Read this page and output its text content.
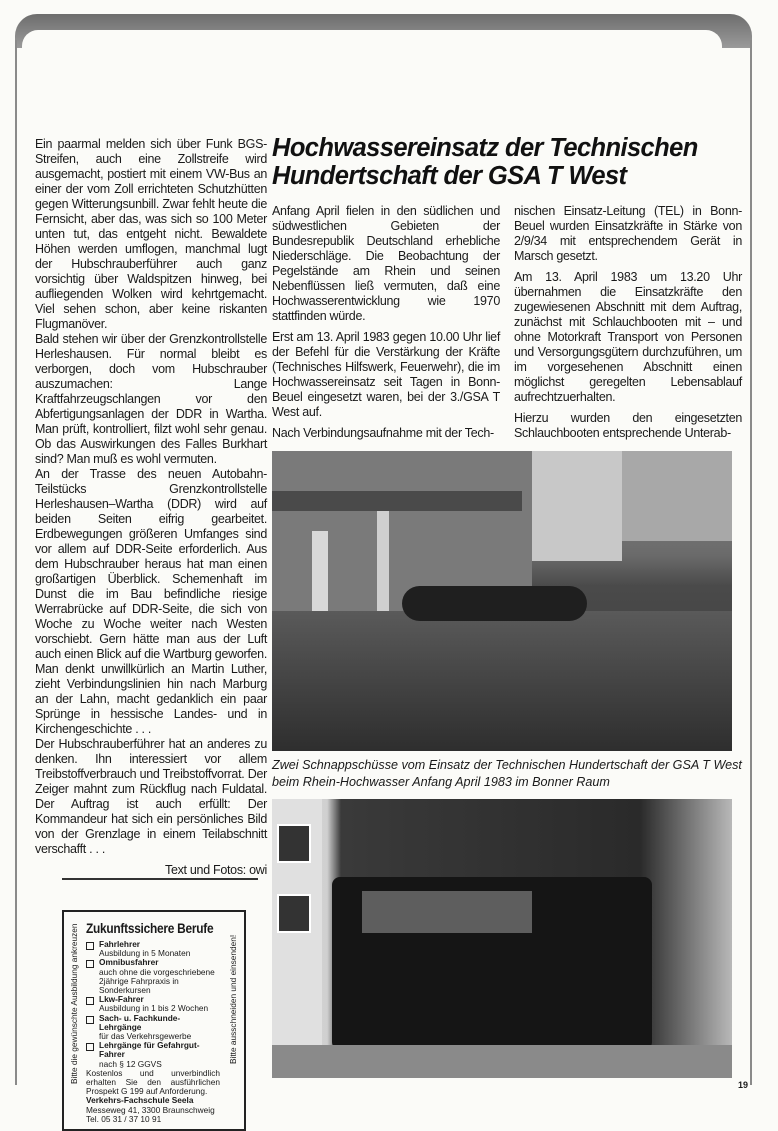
Ein paarmal melden sich über Funk BGS-Streifen, auch eine Zollstreife wird ausgemacht, postiert mit einem VW-Bus an einer der vom Zoll errichteten Schutzhütten gegen Witterungsunbill. Zwar fehlt heute die Fernsicht, aber das, was sich so 100 Meter unten tut, das entgeht nicht. Bewaldete Höhen werden umflogen, manchmal lugt der Hubschrauberführer auch ganz vorsichtig über Waldspitzen hinweg, bei aufliegenden Wolken wird kehrtgemacht. Viel sehen schon, aber keine riskanten Flugmanöver.

Bald stehen wir über der Grenzkontrollstelle Herleshausen. Für normal bleibt es verborgen, doch vom Hubschrauber auszumachen: Lange Kraftfahrzeugschlangen vor den Abfertigungsanlagen der DDR in Wartha. Man prüft, kontrolliert, filzt wohl sehr genau. Ob das Auswirkungen des Falles Burkhart sind? Man muß es wohl vermuten.

An der Trasse des neuen Autobahn-Teilstücks Grenzkontrollstelle Herleshausen–Wartha (DDR) wird auf beiden Seiten eifrig gearbeitet. Erdbewegungen größeren Umfanges sind vor allem auf DDR-Seite erforderlich. Aus dem Hubschrauber heraus hat man einen großartigen Überblick. Schemenhaft im Dunst die im Bau befindliche riesige Werrabrücke auf DDR-Seite, die sich von Woche zu Woche weiter nach Westen vorschiebt. Gern hätte man aus der Luft auch einen Blick auf die Wartburg geworfen. Man denkt unwillkürlich an Martin Luther, zieht Verbindungslinien hin nach Marburg an der Lahn, macht gedanklich ein paar Sprünge in hessische Landes- und in Kirchengeschichte . . .

Der Hubschrauberführer hat an anderes zu denken. Ihn interessiert vor allem Treibstoffverbrauch und Treibstoffvorrat. Der Zeiger mahnt zum Rückflug nach Fuldatal. Der Auftrag ist auch erfüllt: Der Kommandeur hat sich ein persönliches Bild von der Grenzlage in einem Teilabschnitt verschafft . . .

Text und Fotos: owi

Bitte die gewünschte Ausbildung ankreuzen	Bitte ausschneiden und einsenden!
Zukunftssichere Berufe
Fahrlehrer
Ausbildung in 5 Monaten
Omnibusfahrer
auch ohne die vorgeschriebene 2jährige Fahrpraxis in Sonderkursen
Lkw-Fahrer
Ausbildung in 1 bis 2 Wochen
Sach- u. Fachkunde-Lehrgänge
für das Verkehrsgewerbe
Lehrgänge für Gefahrgut-Fahrer
nach § 12 GGVS
Kostenlos und unverbindlich erhalten Sie den ausführlichen Prospekt G 199 auf Anforderung.
Verkehrs-Fachschule Seela
Messeweg 41, 3300 Braunschweig
Tel. 05 31 / 37 10 91
Hochwassereinsatz der Technischen Hundertschaft der GSA T West

Anfang April fielen in den südlichen und südwestlichen Gebieten der Bundesrepublik Deutschland erhebliche Niederschläge. Die Beobachtung der Pegelstände am Rhein und seinen Nebenflüssen ließ vermuten, daß eine Hochwasserentwicklung wie 1970 stattfinden würde.

Erst am 13. April 1983 gegen 10.00 Uhr lief der Befehl für die Verstärkung der Kräfte (Technisches Hilfswerk, Feuerwehr), die im Hochwassereinsatz seit Tagen in Bonn-Beuel eingesetzt waren, bei der 3./GSA T West auf.

Nach Verbindungsaufnahme mit der Tech-

nischen Einsatz-Leitung (TEL) in Bonn-Beuel wurden Einsatzkräfte in Stärke von 2/9/34 mit entsprechendem Gerät in Marsch gesetzt.

Am 13. April 1983 um 13.20 Uhr übernahmen die Einsatzkräfte den zugewiesenen Abschnitt mit dem Auftrag, zunächst mit Schlauchbooten mit – und ohne Motorkraft Transport von Personen und Versorgungsgütern durchzuführen, um im vorgesehenen Abschnitt einen möglichst geregelten Lebensablauf aufrechtzuerhalten.

Hierzu wurden den eingesetzten Schlauchbooten entsprechende Unterab-

Zwei Schnappschüsse vom Einsatz der Technischen Hundertschaft der GSA T West beim Rhein-Hochwasser Anfang April 1983 im Bonner Raum
19
